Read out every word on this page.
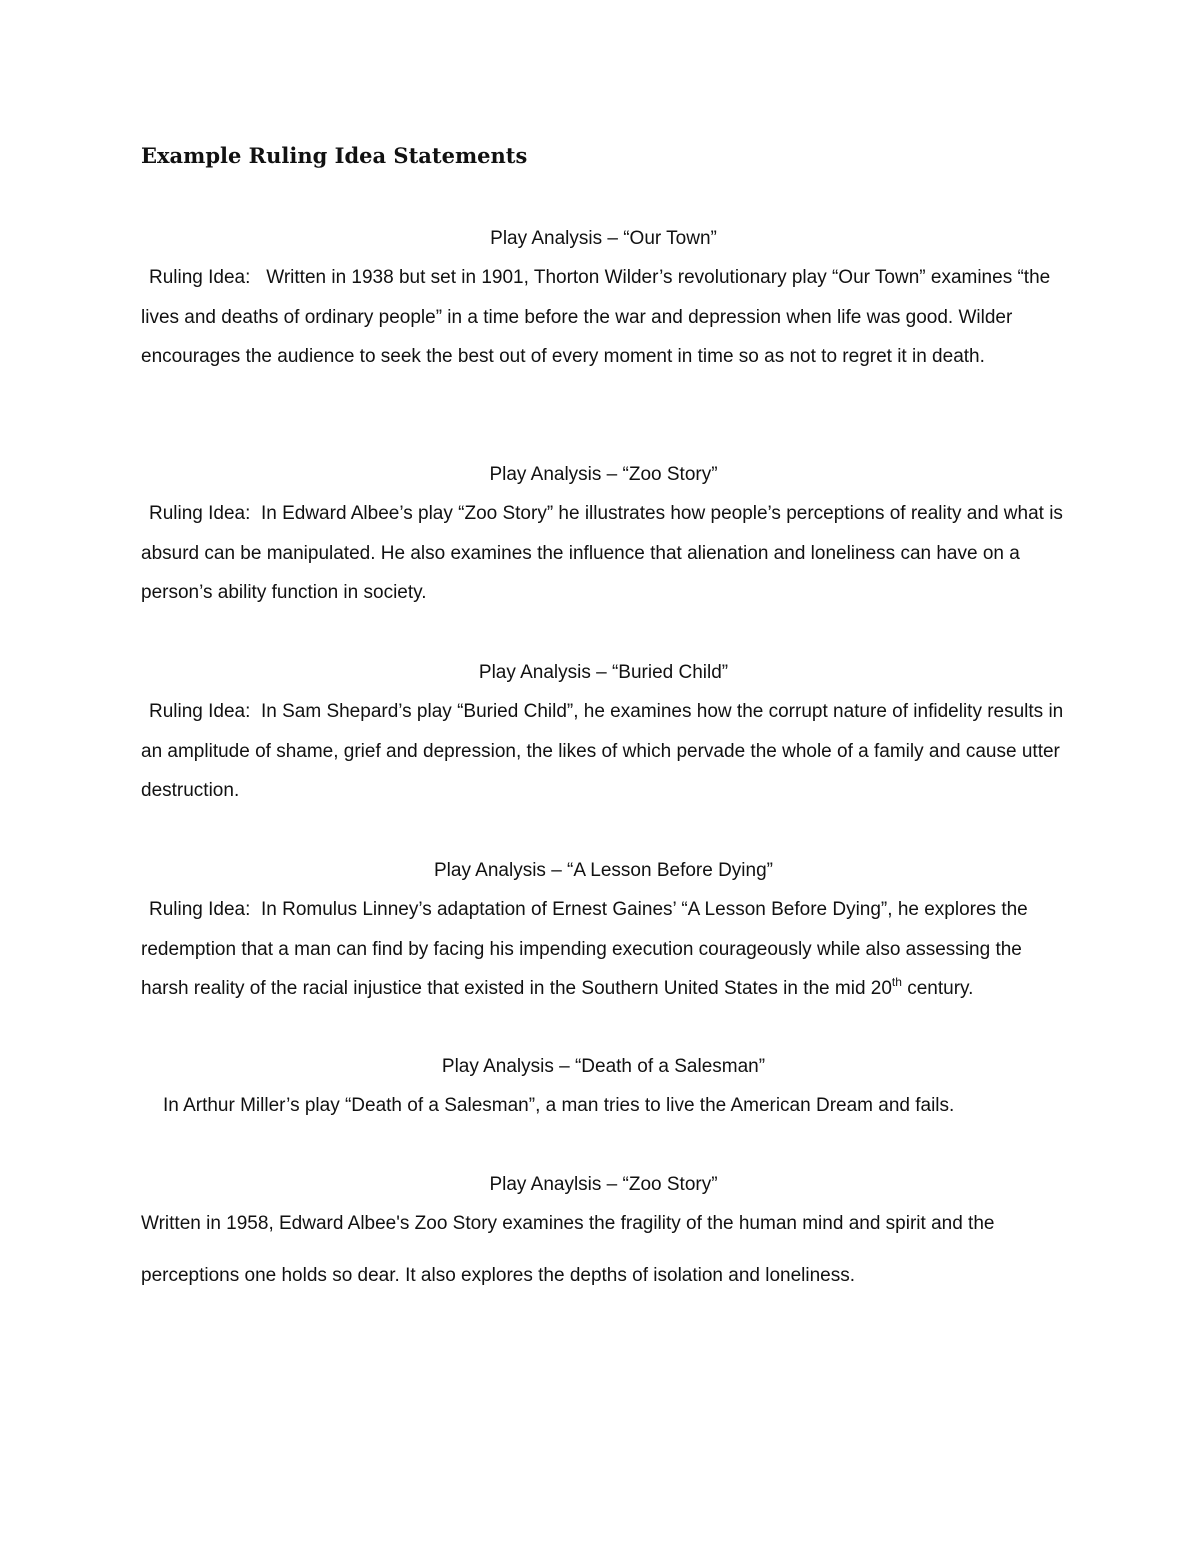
Example Ruling Idea Statements
Play Analysis – “Our Town”

Ruling Idea: Written in 1938 but set in 1901, Thorton Wilder’s revolutionary play “Our Town” examines “the lives and deaths of ordinary people” in a time before the war and depression when life was good. Wilder encourages the audience to seek the best out of every moment in time so as not to regret it in death.

Play Analysis – “Zoo Story”

Ruling Idea: In Edward Albee’s play “Zoo Story” he illustrates how people’s perceptions of reality and what is absurd can be manipulated. He also examines the influence that alienation and loneliness can have on a person’s ability function in society.

Play Analysis – “Buried Child”

Ruling Idea: In Sam Shepard’s play “Buried Child”, he examines how the corrupt nature of infidelity results in an amplitude of shame, grief and depression, the likes of which pervade the whole of a family and cause utter destruction.

Play Analysis – “A Lesson Before Dying”

Ruling Idea: In Romulus Linney’s adaptation of Ernest Gaines’ “A Lesson Before Dying”, he explores the redemption that a man can find by facing his impending execution courageously while also assessing the harsh reality of the racial injustice that existed in the Southern United States in the mid 20th century.

Play Analysis – “Death of a Salesman”

In Arthur Miller’s play “Death of a Salesman”, a man tries to live the American Dream and fails.

Play Anaylsis – “Zoo Story”

Written in 1958, Edward Albee's Zoo Story examines the fragility of the human mind and spirit and the perceptions one holds so dear. It also explores the depths of isolation and loneliness.
